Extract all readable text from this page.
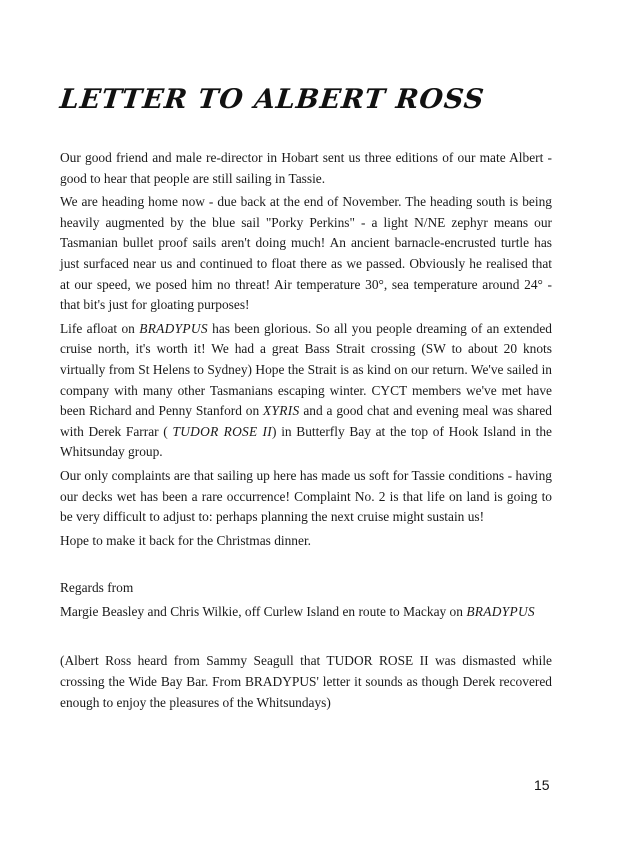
LETTER TO ALBERT ROSS

Our good friend and male re-director in Hobart sent us three editions of our mate Albert - good to hear that people are still sailing in Tassie.

We are heading home now - due back at the end of November. The heading south is being heavily augmented by the blue sail "Porky Perkins" - a light N/NE zephyr means our Tasmanian bullet proof sails aren't doing much! An ancient barnacle-encrusted turtle has just surfaced near us and continued to float there as we passed. Obviously he realised that at our speed, we posed him no threat! Air temperature 30°, sea temperature around 24° - that bit's just for gloating purposes!

Life afloat on BRADYPUS has been glorious. So all you people dreaming of an extended cruise north, it's worth it! We had a great Bass Strait crossing (SW to about 20 knots virtually from St Helens to Sydney) Hope the Strait is as kind on our return. We've sailed in company with many other Tasmanians escaping winter. CYCT members we've met have been Richard and Penny Stanford on XYRIS and a good chat and evening meal was shared with Derek Farrar ( TUDOR ROSE II) in Butterfly Bay at the top of Hook Island in the Whitsunday group.

Our only complaints are that sailing up here has made us soft for Tassie conditions - having our decks wet has been a rare occurrence! Complaint No. 2 is that life on land is going to be very difficult to adjust to: perhaps planning the next cruise might sustain us!

Hope to make it back for the Christmas dinner.

Regards from

Margie Beasley and Chris Wilkie, off Curlew Island en route to Mackay on BRADYPUS

(Albert Ross heard from Sammy Seagull that TUDOR ROSE II was dismasted while crossing the Wide Bay Bar. From BRADYPUS' letter it sounds as though Derek recovered enough to enjoy the pleasures of the Whitsundays)

15
